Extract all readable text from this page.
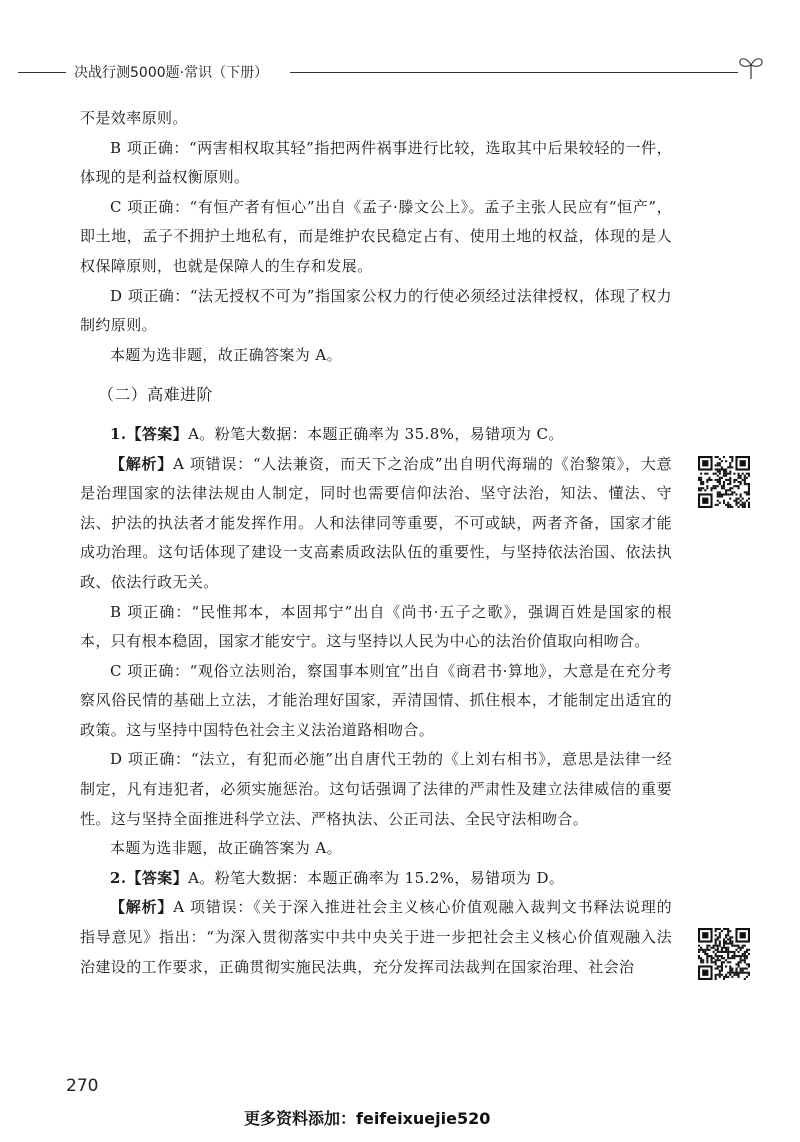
决战行测5000题·常识（下册）

不是效率原则。

B 项正确：“两害相权取其轻”指把两件祸事进行比较，选取其中后果较轻的一件，体现的是利益权衡原则。

C 项正确：“有恒产者有恒心”出自《孟子·滕文公上》。孟子主张人民应有“恒产”，即土地，孟子不拥护土地私有，而是维护农民稳定占有、使用土地的权益，体现的是人权保障原则，也就是保障人的生存和发展。

D 项正确：“法无授权不可为”指国家公权力的行使必须经过法律授权，体现了权力制约原则。

本题为选非题，故正确答案为 A。

（二）高难进阶

1.【答案】A。粉笔大数据：本题正确率为 35.8%，易错项为 C。

【解析】A 项错误：“人法兼资，而天下之治成”出自明代海瑞的《治黎策》，大意是治理国家的法律法规由人制定，同时也需要信仰法治、坚守法治，知法、懂法、守法、护法的执法者才能发挥作用。人和法律同等重要，不可或缺，两者齐备，国家才能成功治理。这句话体现了建设一支高素质政法队伍的重要性，与坚持依法治国、依法执政、依法行政无关。

B 项正确：“民惟邦本，本固邦宁”出自《尚书·五子之歌》，强调百姓是国家的根本，只有根本稳固，国家才能安宁。这与坚持以人民为中心的法治价值取向相吻合。

C 项正确：“观俗立法则治，察国事本则宜”出自《商君书·算地》，大意是在充分考察风俗民情的基础上立法，才能治理好国家，弄清国情、抓住根本，才能制定出适宜的政策。这与坚持中国特色社会主义法治道路相吻合。

D 项正确：“法立，有犯而必施”出自唐代王勃的《上刘右相书》，意思是法律一经制定，凡有违犯者，必须实施惩治。这句话强调了法律的严肃性及建立法律威信的重要性。这与坚持全面推进科学立法、严格执法、公正司法、全民守法相吻合。

本题为选非题，故正确答案为 A。

2.【答案】A。粉笔大数据：本题正确率为 15.2%，易错项为 D。

【解析】A 项错误：《关于深入推进社会主义核心价值观融入裁判文书释法说理的指导意见》指出：“为深入贯彻落实中共中央关于进一步把社会主义核心价值观融入法治建设的工作要求，正确贯彻实施民法典，充分发挥司法裁判在国家治理、社会治

270
更多资料添加：feifeixuejie520
